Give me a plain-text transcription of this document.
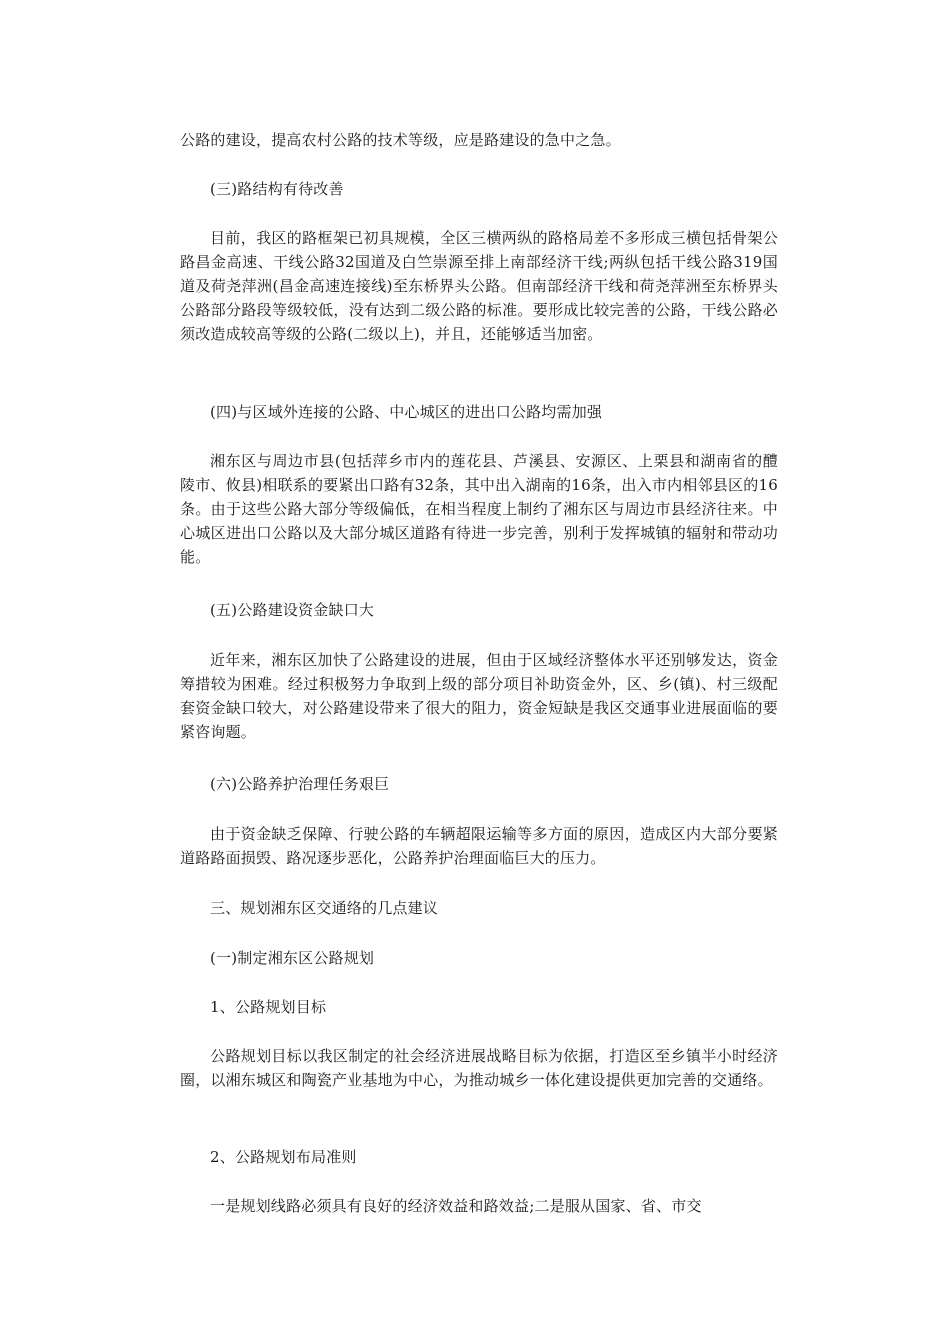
公路的建设，提高农村公路的技术等级，应是路建设的急中之急。

(三)路结构有待改善

目前，我区的路框架已初具规模，全区三横两纵的路格局差不多形成三横包括骨架公路昌金高速、干线公路32国道及白竺崇源至排上南部经济干线;两纵包括干线公路319国道及荷尧萍洲(昌金高速连接线)至东桥界头公路。但南部经济干线和荷尧萍洲至东桥界头公路部分路段等级较低，没有达到二级公路的标准。要形成比较完善的公路，干线公路必须改造成较高等级的公路(二级以上)，并且，还能够适当加密。

(四)与区域外连接的公路、中心城区的进出口公路均需加强

湘东区与周边市县(包括萍乡市内的莲花县、芦溪县、安源区、上栗县和湖南省的醴陵市、攸县)相联系的要紧出口路有32条，其中出入湖南的16条，出入市内相邻县区的16条。由于这些公路大部分等级偏低，在相当程度上制约了湘东区与周边市县经济往来。中心城区进出口公路以及大部分城区道路有待进一步完善，别利于发挥城镇的辐射和带动功能。

(五)公路建设资金缺口大

近年来，湘东区加快了公路建设的进展，但由于区域经济整体水平还别够发达，资金筹措较为困难。经过积极努力争取到上级的部分项目补助资金外，区、乡(镇)、村三级配套资金缺口较大，对公路建设带来了很大的阻力，资金短缺是我区交通事业进展面临的要紧咨询题。

(六)公路养护治理任务艰巨

由于资金缺乏保障、行驶公路的车辆超限运输等多方面的原因，造成区内大部分要紧道路路面损毁、路况逐步恶化，公路养护治理面临巨大的压力。

三、规划湘东区交通络的几点建议

(一)制定湘东区公路规划

1、公路规划目标

公路规划目标以我区制定的社会经济进展战略目标为依据，打造区至乡镇半小时经济圈，以湘东城区和陶瓷产业基地为中心，为推动城乡一体化建设提供更加完善的交通络。

2、公路规划布局准则

一是规划线路必须具有良好的经济效益和路效益;二是服从国家、省、市交
